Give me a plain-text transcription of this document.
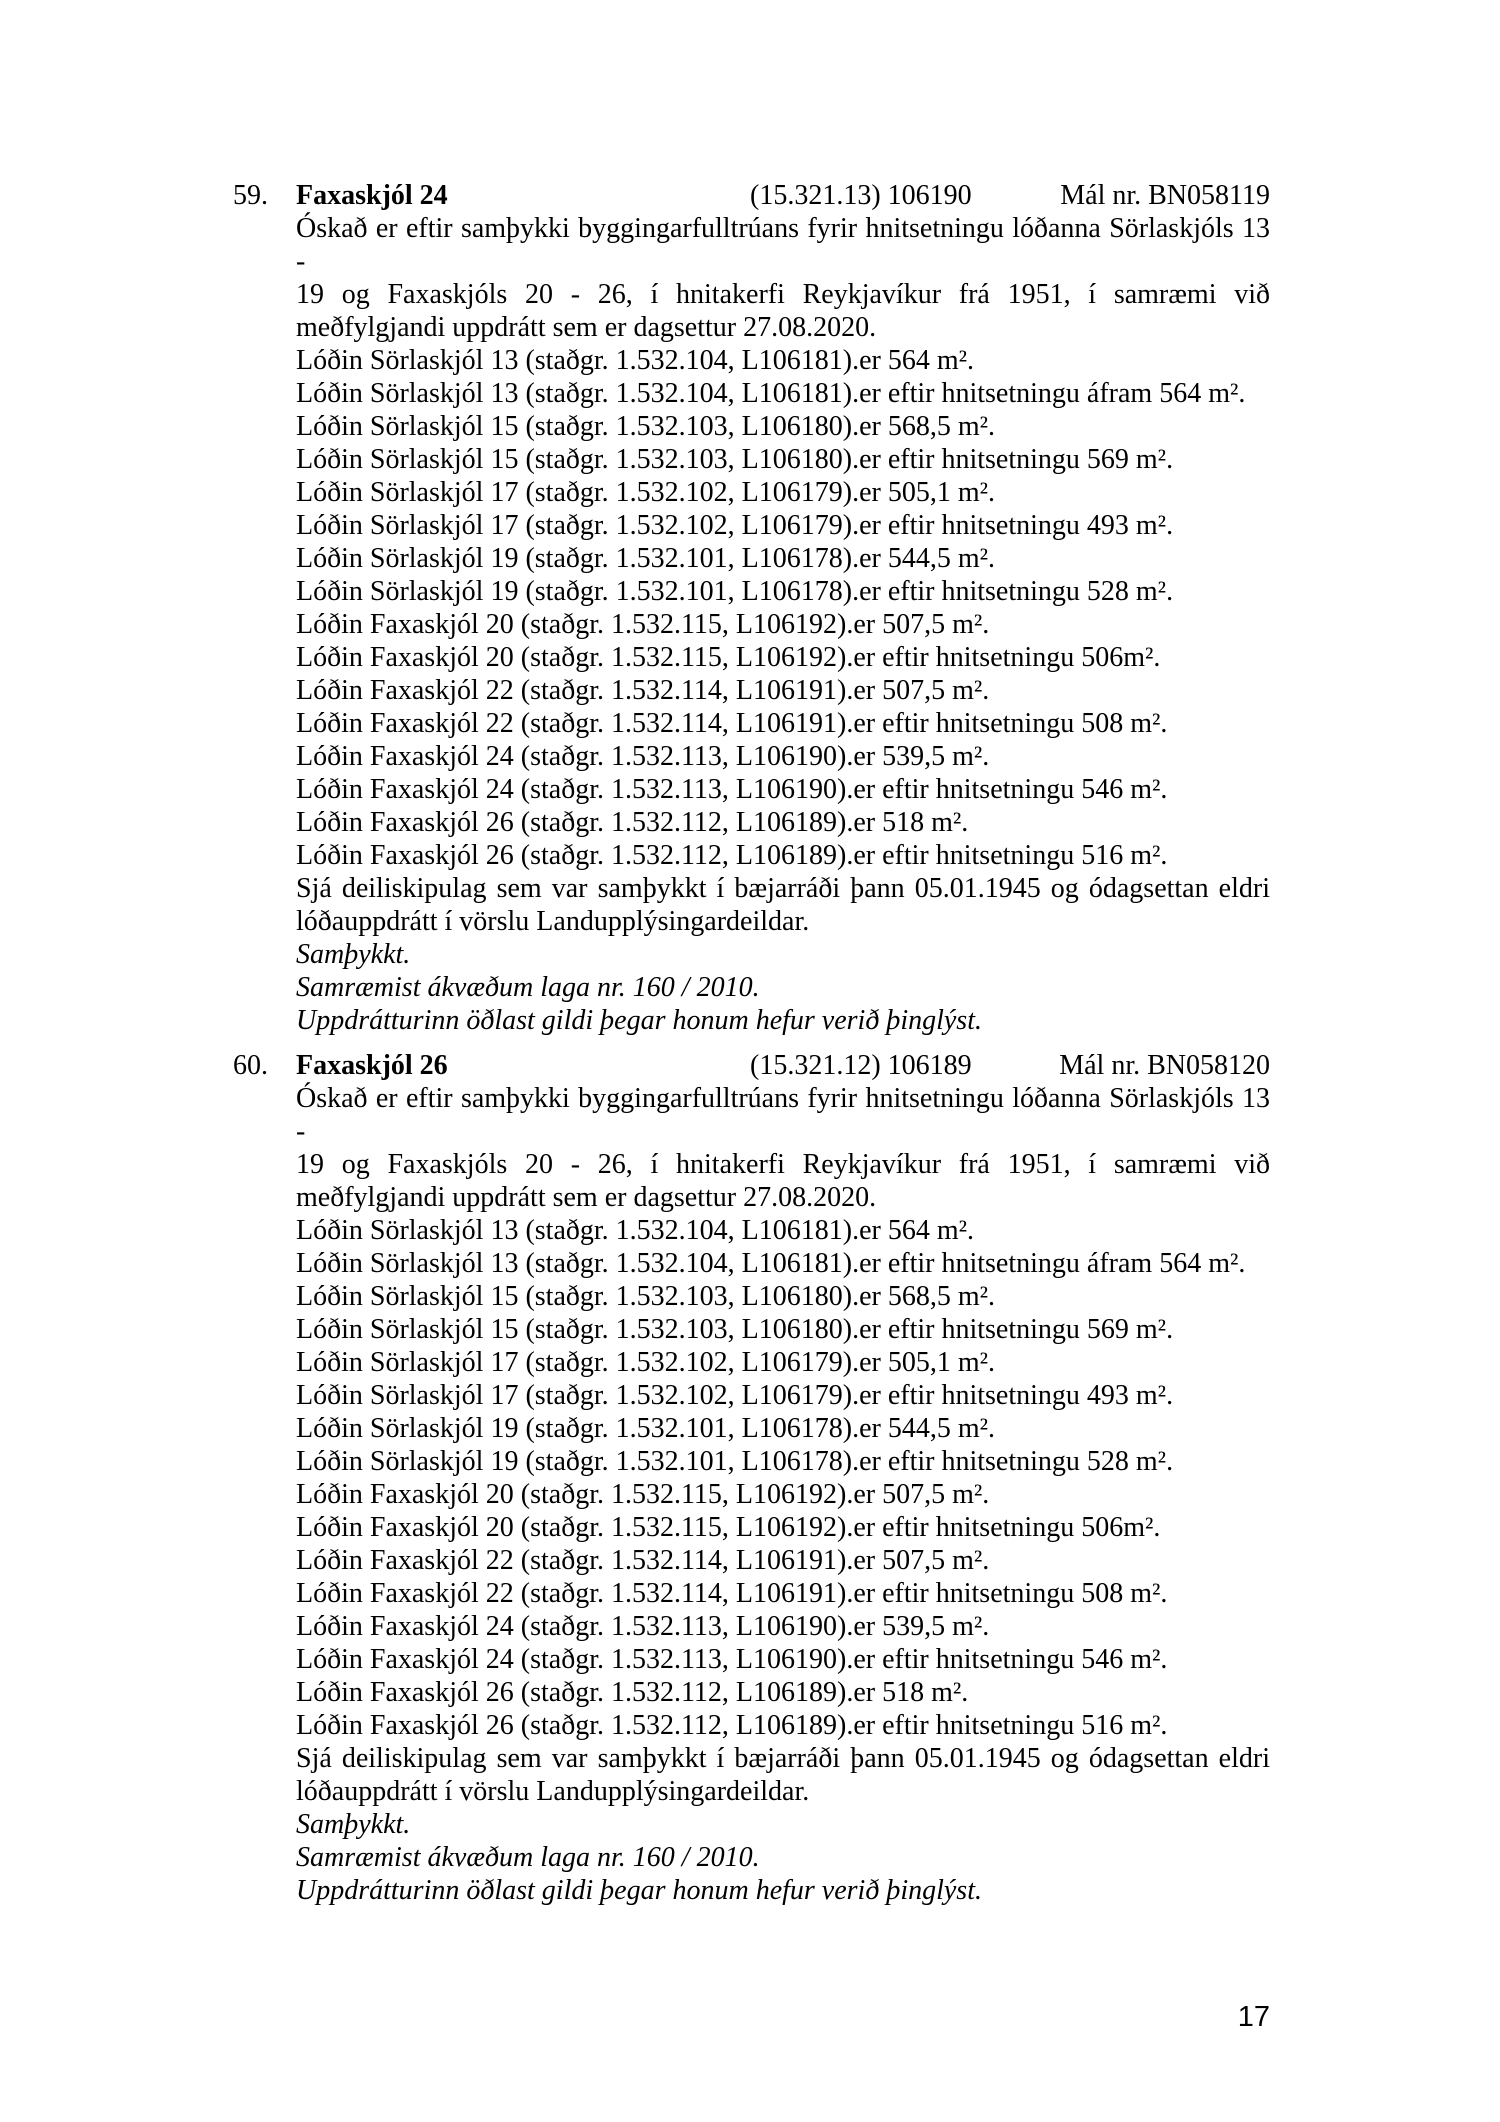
59. Faxaskjól 24	(15.321.13) 106190	Mál nr. BN058119
Óskað er eftir samþykki byggingarfulltrúans fyrir hnitsetningu lóðanna Sörlaskjóls 13 -
19 og Faxaskjóls 20 - 26, í hnitakerfi Reykjavíkur frá 1951, í samræmi við
meðfylgjandi uppdrátt sem er dagsettur 27.08.2020.
Lóðin Sörlaskjól 13 (staðgr. 1.532.104, L106181).er 564 m².
Lóðin Sörlaskjól 13 (staðgr. 1.532.104, L106181).er eftir hnitsetningu áfram 564 m².
Lóðin Sörlaskjól 15 (staðgr. 1.532.103, L106180).er 568,5 m².
Lóðin Sörlaskjól 15 (staðgr. 1.532.103, L106180).er eftir hnitsetningu 569 m².
Lóðin Sörlaskjól 17 (staðgr. 1.532.102, L106179).er 505,1 m².
Lóðin Sörlaskjól 17 (staðgr. 1.532.102, L106179).er eftir hnitsetningu 493 m².
Lóðin Sörlaskjól 19 (staðgr. 1.532.101, L106178).er 544,5 m².
Lóðin Sörlaskjól 19 (staðgr. 1.532.101, L106178).er eftir hnitsetningu 528 m².
Lóðin Faxaskjól 20 (staðgr. 1.532.115, L106192).er 507,5 m².
Lóðin Faxaskjól 20 (staðgr. 1.532.115, L106192).er eftir hnitsetningu 506m².
Lóðin Faxaskjól 22 (staðgr. 1.532.114, L106191).er 507,5 m².
Lóðin Faxaskjól 22 (staðgr. 1.532.114, L106191).er eftir hnitsetningu 508 m².
Lóðin Faxaskjól 24 (staðgr. 1.532.113, L106190).er 539,5 m².
Lóðin Faxaskjól 24 (staðgr. 1.532.113, L106190).er eftir hnitsetningu 546 m².
Lóðin Faxaskjól 26 (staðgr. 1.532.112, L106189).er 518 m².
Lóðin Faxaskjól 26 (staðgr. 1.532.112, L106189).er eftir hnitsetningu 516 m².
Sjá deiliskipulag sem var samþykkt í bæjarráði þann 05.01.1945 og ódagsettan eldri
lóðauppdrátt í vörslu Landupplýsingardeildar.
Samþykkt.
Samræmist ákvæðum laga nr. 160 / 2010.
Uppdrátturinn öðlast gildi þegar honum hefur verið þinglýst.
60. Faxaskjól 26	(15.321.12) 106189	Mál nr. BN058120
Óskað er eftir samþykki byggingarfulltrúans fyrir hnitsetningu lóðanna Sörlaskjóls 13 -
19 og Faxaskjóls 20 - 26, í hnitakerfi Reykjavíkur frá 1951, í samræmi við
meðfylgjandi uppdrátt sem er dagsettur 27.08.2020.
Lóðin Sörlaskjól 13 (staðgr. 1.532.104, L106181).er 564 m².
Lóðin Sörlaskjól 13 (staðgr. 1.532.104, L106181).er eftir hnitsetningu áfram 564 m².
Lóðin Sörlaskjól 15 (staðgr. 1.532.103, L106180).er 568,5 m².
Lóðin Sörlaskjól 15 (staðgr. 1.532.103, L106180).er eftir hnitsetningu 569 m².
Lóðin Sörlaskjól 17 (staðgr. 1.532.102, L106179).er 505,1 m².
Lóðin Sörlaskjól 17 (staðgr. 1.532.102, L106179).er eftir hnitsetningu 493 m².
Lóðin Sörlaskjól 19 (staðgr. 1.532.101, L106178).er 544,5 m².
Lóðin Sörlaskjól 19 (staðgr. 1.532.101, L106178).er eftir hnitsetningu 528 m².
Lóðin Faxaskjól 20 (staðgr. 1.532.115, L106192).er 507,5 m².
Lóðin Faxaskjól 20 (staðgr. 1.532.115, L106192).er eftir hnitsetningu 506m².
Lóðin Faxaskjól 22 (staðgr. 1.532.114, L106191).er 507,5 m².
Lóðin Faxaskjól 22 (staðgr. 1.532.114, L106191).er eftir hnitsetningu 508 m².
Lóðin Faxaskjól 24 (staðgr. 1.532.113, L106190).er 539,5 m².
Lóðin Faxaskjól 24 (staðgr. 1.532.113, L106190).er eftir hnitsetningu 546 m².
Lóðin Faxaskjól 26 (staðgr. 1.532.112, L106189).er 518 m².
Lóðin Faxaskjól 26 (staðgr. 1.532.112, L106189).er eftir hnitsetningu 516 m².
Sjá deiliskipulag sem var samþykkt í bæjarráði þann 05.01.1945 og ódagsettan eldri
lóðauppdrátt í vörslu Landupplýsingardeildar.
Samþykkt.
Samræmist ákvæðum laga nr. 160 / 2010.
Uppdrátturinn öðlast gildi þegar honum hefur verið þinglýst.
17
